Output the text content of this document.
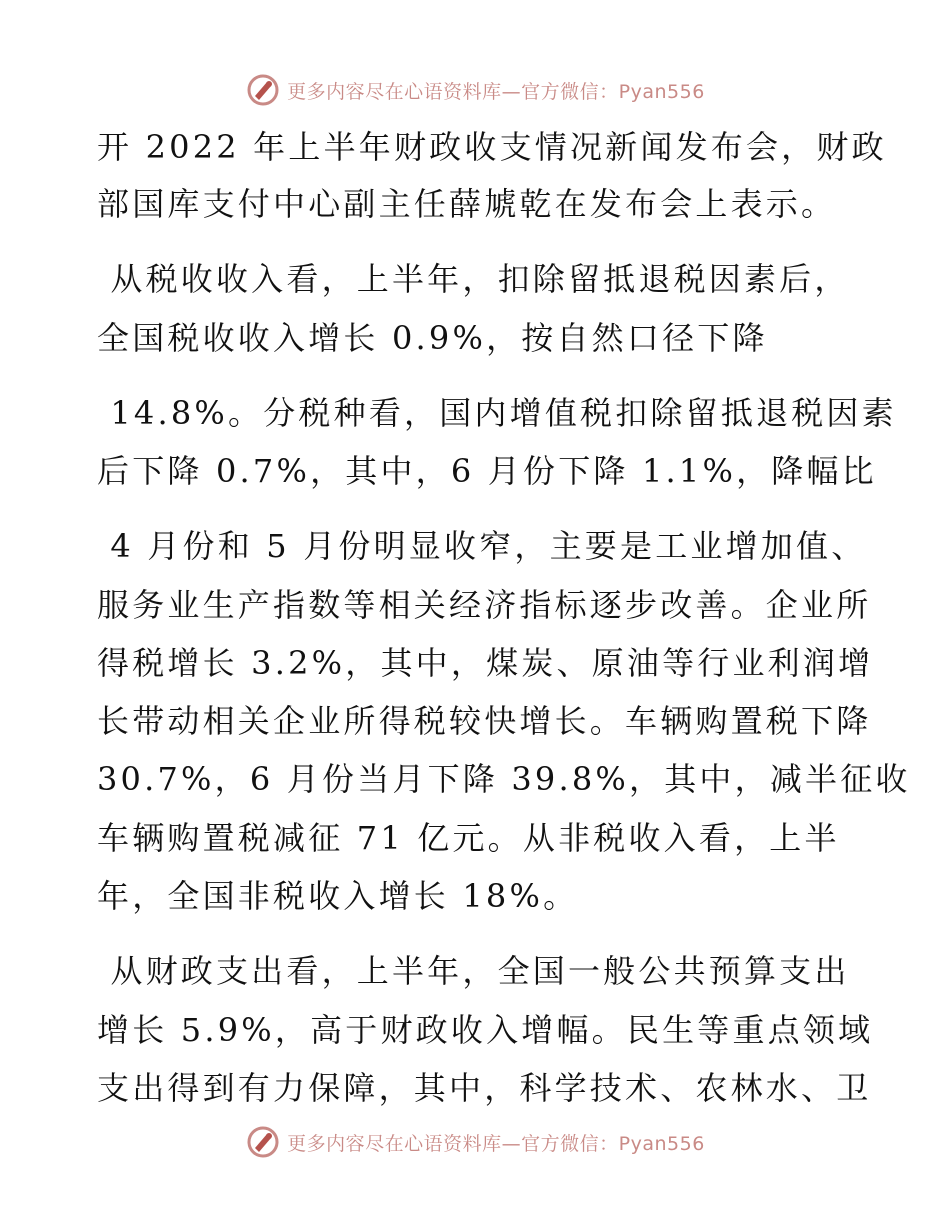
更多内容尽在心语资料库—官方微信：Pyan556
开 2022 年上半年财政收支情况新闻发布会，财政
部国库支付中心副主任薛虓乾在发布会上表示。
从税收收入看，上半年，扣除留抵退税因素后，
全国税收收入增长 0.9%，按自然口径下降
14.8%。分税种看，国内增值税扣除留抵退税因素
后下降 0.7%，其中，6 月份下降 1.1%，降幅比
4 月份和 5 月份明显收窄，主要是工业增加值、
服务业生产指数等相关经济指标逐步改善。企业所
得税增长 3.2%，其中，煤炭、原油等行业利润增
长带动相关企业所得税较快增长。车辆购置税下降
30.7%，6 月份当月下降 39.8%，其中，减半征收
车辆购置税减征 71 亿元。从非税收入看，上半
年，全国非税收入增长 18%。
从财政支出看，上半年，全国一般公共预算支出
增长 5.9%，高于财政收入增幅。民生等重点领域
支出得到有力保障，其中，科学技术、农林水、卫
更多内容尽在心语资料库—官方微信：Pyan556
